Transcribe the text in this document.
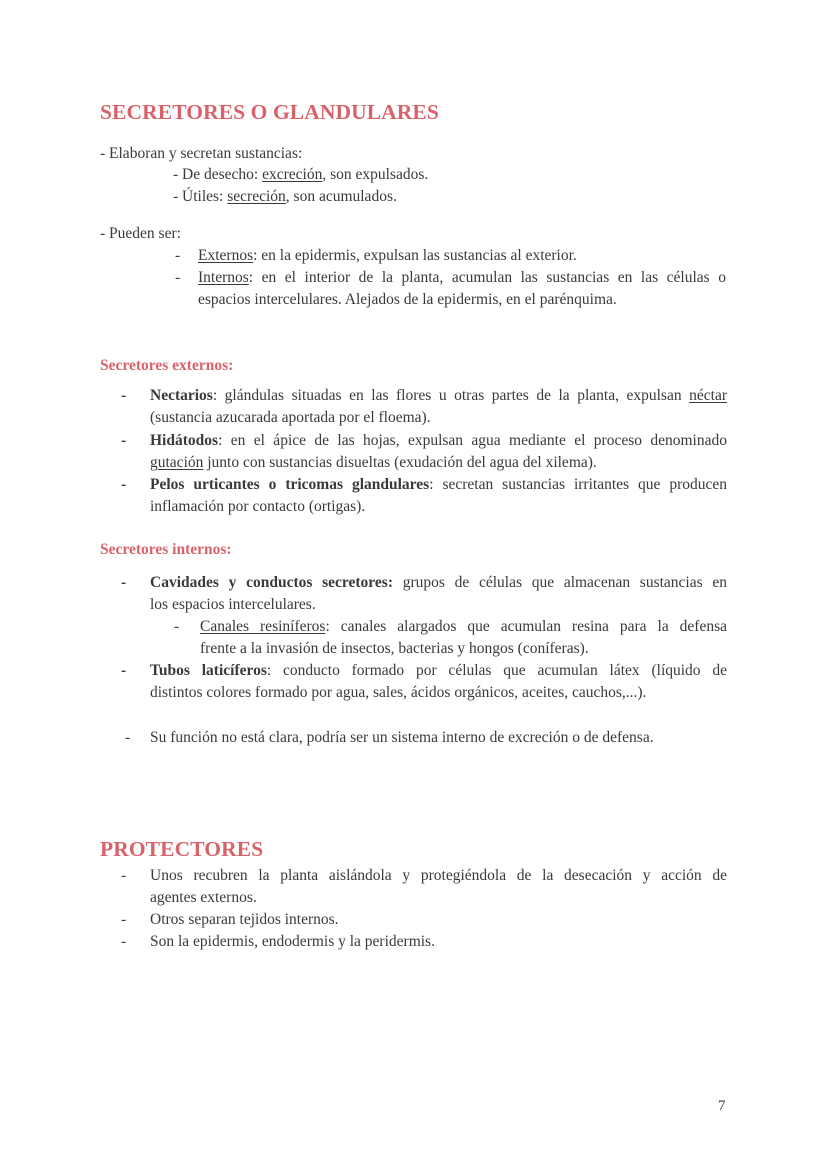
SECRETORES O GLANDULARES
- Elaboran y secretan sustancias:
- De desecho: excreción, son expulsados.
- Útiles: secreción, son acumulados.
- Pueden ser:
- Externos: en la epidermis, expulsan las sustancias al exterior.
- Internos: en el interior de la planta, acumulan las sustancias en las células o
espacios intercelulares. Alejados de la epidermis, en el parénquima.
Secretores externos:
- Nectarios: glándulas situadas en las flores u otras partes de la planta, expulsan néctar
(sustancia azucarada aportada por el floema).
- Hidátodos: en el ápice de las hojas, expulsan agua mediante el proceso denominado
gutación junto con sustancias disueltas (exudación del agua del xilema).
- Pelos urticantes o tricomas glandulares: secretan sustancias irritantes que producen
inflamación por contacto (ortigas).
Secretores internos:
- Cavidades y conductos secretores: grupos de células que almacenan sustancias en
los espacios intercelulares.
- Canales resiníferos: canales alargados que acumulan resina para la defensa
frente a la invasión de insectos, bacterias y hongos (coníferas).
- Tubos laticíferos: conducto formado por células que acumulan látex (líquido de
distintos colores formado por agua, sales, ácidos orgánicos, aceites, cauchos,...).
- Su función no está clara, podría ser un sistema interno de excreción o de defensa.
PROTECTORES
- Unos recubren la planta aislándola y protegiéndola de la desecación y acción de
agentes externos.
- Otros separan tejidos internos.
- Son la epidermis, endodermis y la peridermis.
7
